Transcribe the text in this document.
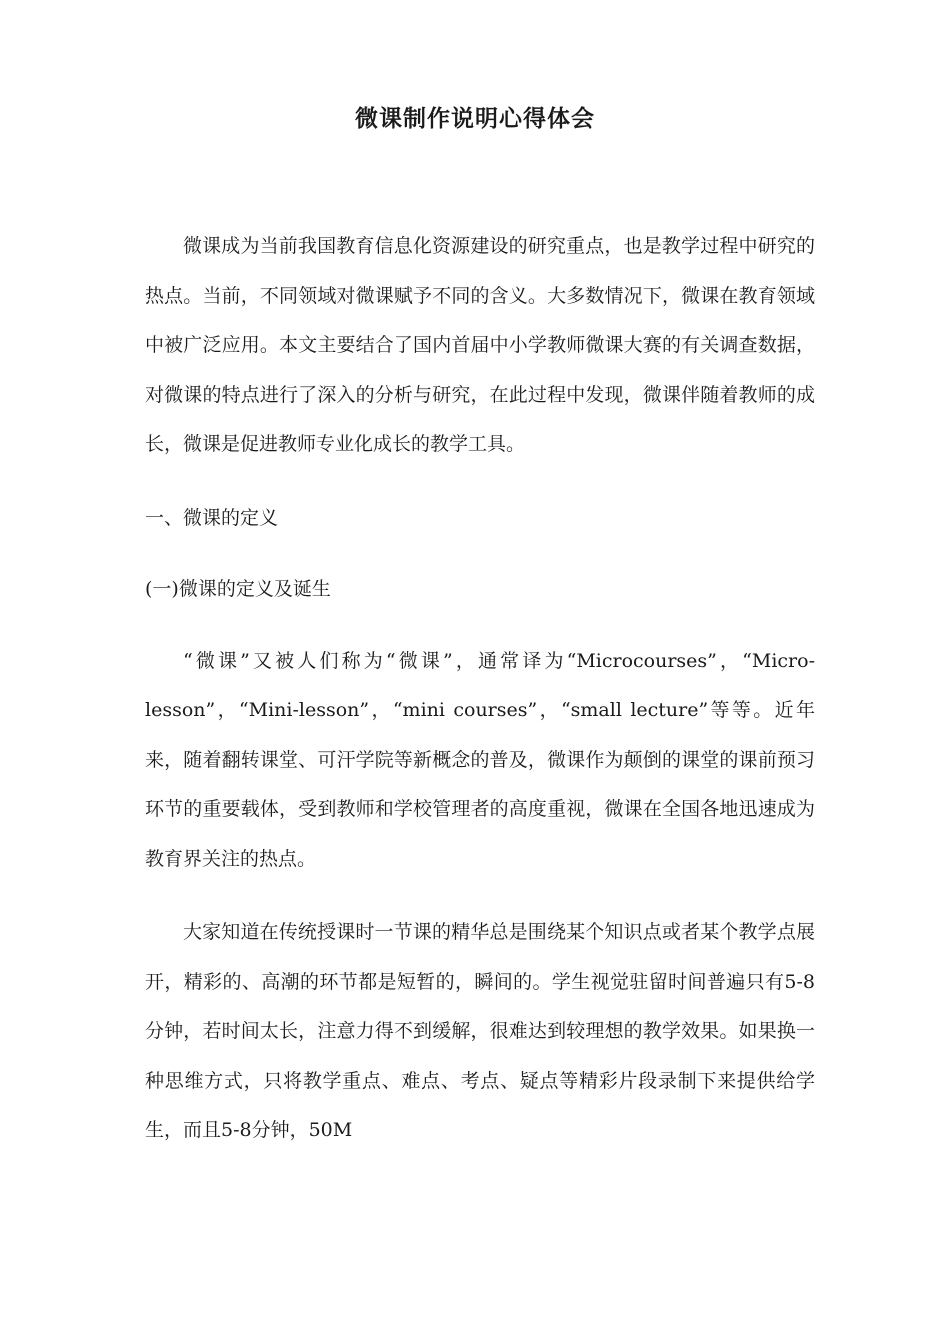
微课制作说明心得体会

微课成为当前我国教育信息化资源建设的研究重点，也是教学过程中研究的热点。当前，不同领域对微课赋予不同的含义。大多数情况下，微课在教育领域中被广泛应用。本文主要结合了国内首届中小学教师微课大赛的有关调查数据，对微课的特点进行了深入的分析与研究，在此过程中发现，微课伴随着教师的成长，微课是促进教师专业化成长的教学工具。

一、微课的定义

(一)微课的定义及诞生

“微课”又被人们称为“微课”，通常译为“Microcourses”，“Micro-lesson”，“Mini-lesson”，“mini courses”，“small lecture”等等。近年来，随着翻转课堂、可汗学院等新概念的普及，微课作为颠倒的课堂的课前预习环节的重要载体，受到教师和学校管理者的高度重视，微课在全国各地迅速成为教育界关注的热点。

大家知道在传统授课时一节课的精华总是围绕某个知识点或者某个教学点展开，精彩的、高潮的环节都是短暂的，瞬间的。学生视觉驻留时间普遍只有5-8分钟，若时间太长，注意力得不到缓解，很难达到较理想的教学效果。如果换一种思维方式，只将教学重点、难点、考点、疑点等精彩片段录制下来提供给学生，而且5-8分钟，50M
